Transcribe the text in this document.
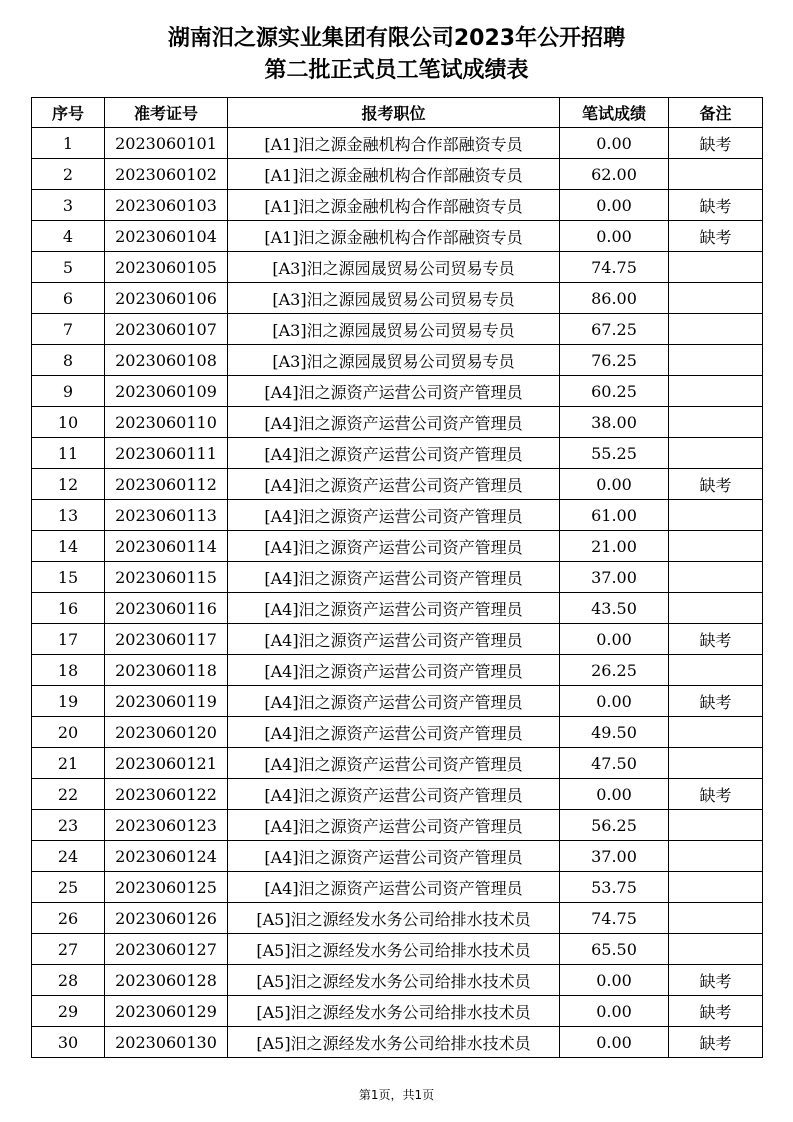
湖南汨之源实业集团有限公司2023年公开招聘
第二批正式员工笔试成绩表
序号	准考证号	报考职位	笔试成绩	备注
1	2023060101	[A1]汨之源金融机构合作部融资专员	0.00	缺考
2	2023060102	[A1]汨之源金融机构合作部融资专员	62.00	
3	2023060103	[A1]汨之源金融机构合作部融资专员	0.00	缺考
4	2023060104	[A1]汨之源金融机构合作部融资专员	0.00	缺考
5	2023060105	[A3]汨之源园晟贸易公司贸易专员	74.75	
6	2023060106	[A3]汨之源园晟贸易公司贸易专员	86.00	
7	2023060107	[A3]汨之源园晟贸易公司贸易专员	67.25	
8	2023060108	[A3]汨之源园晟贸易公司贸易专员	76.25	
9	2023060109	[A4]汨之源资产运营公司资产管理员	60.25	
10	2023060110	[A4]汨之源资产运营公司资产管理员	38.00	
11	2023060111	[A4]汨之源资产运营公司资产管理员	55.25	
12	2023060112	[A4]汨之源资产运营公司资产管理员	0.00	缺考
13	2023060113	[A4]汨之源资产运营公司资产管理员	61.00	
14	2023060114	[A4]汨之源资产运营公司资产管理员	21.00	
15	2023060115	[A4]汨之源资产运营公司资产管理员	37.00	
16	2023060116	[A4]汨之源资产运营公司资产管理员	43.50	
17	2023060117	[A4]汨之源资产运营公司资产管理员	0.00	缺考
18	2023060118	[A4]汨之源资产运营公司资产管理员	26.25	
19	2023060119	[A4]汨之源资产运营公司资产管理员	0.00	缺考
20	2023060120	[A4]汨之源资产运营公司资产管理员	49.50	
21	2023060121	[A4]汨之源资产运营公司资产管理员	47.50	
22	2023060122	[A4]汨之源资产运营公司资产管理员	0.00	缺考
23	2023060123	[A4]汨之源资产运营公司资产管理员	56.25	
24	2023060124	[A4]汨之源资产运营公司资产管理员	37.00	
25	2023060125	[A4]汨之源资产运营公司资产管理员	53.75	
26	2023060126	[A5]汨之源经发水务公司给排水技术员	74.75	
27	2023060127	[A5]汨之源经发水务公司给排水技术员	65.50	
28	2023060128	[A5]汨之源经发水务公司给排水技术员	0.00	缺考
29	2023060129	[A5]汨之源经发水务公司给排水技术员	0.00	缺考
30	2023060130	[A5]汨之源经发水务公司给排水技术员	0.00	缺考
第1页，共1页
